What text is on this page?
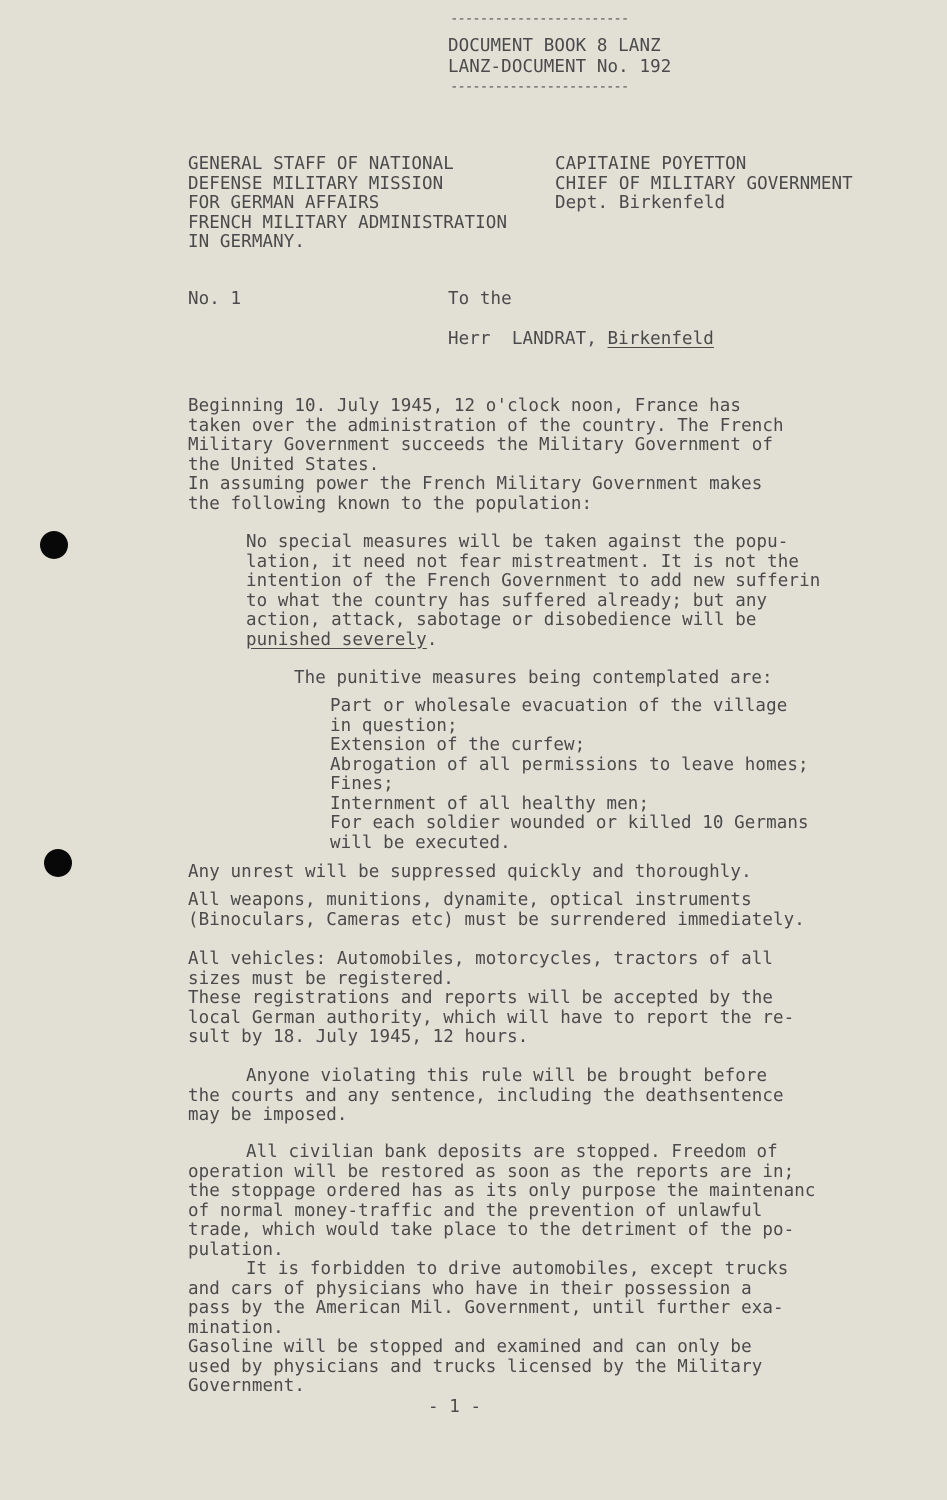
------------------------
DOCUMENT BOOK 8 LANZ
LANZ-DOCUMENT No. 192
------------------------
GENERAL STAFF OF NATIONAL
DEFENSE MILITARY MISSION
FOR GERMAN AFFAIRS
FRENCH MILITARY ADMINISTRATION
IN GERMANY.
CAPITAINE POYETTON
CHIEF OF MILITARY GOVERNMENT
Dept. Birkenfeld
No. 1	To the
Herr  LANDRAT, Birkenfeld
Beginning 10. July 1945, 12 o'clock noon, France has
taken over the administration of the country. The French
Military Government succeeds the Military Government of
the United States.
In assuming power the French Military Government makes
the following known to the population:
No special measures will be taken against the popu-
lation, it need not fear mistreatment. It is not the
intention of the French Government to add new sufferin
to what the country has suffered already; but any
action, attack, sabotage or disobedience will be
punished severely.
The punitive measures being contemplated are:
Part or wholesale evacuation of the village
in question;
Extension of the curfew;
Abrogation of all permissions to leave homes;
Fines;
Internment of all healthy men;
For each soldier wounded or killed 10 Germans
will be executed.
Any unrest will be suppressed quickly and thoroughly.
All weapons, munitions, dynamite, optical instruments
(Binoculars, Cameras etc) must be surrendered immediately.
All vehicles: Automobiles, motorcycles, tractors of all
sizes must be registered.
These registrations and reports will be accepted by the
local German authority, which will have to report the re-
sult by 18. July 1945, 12 hours.
Anyone violating this rule will be brought before
the courts and any sentence, including the deathsentence
may be imposed.
All civilian bank deposits are stopped. Freedom of
operation will be restored as soon as the reports are in;
the stoppage ordered has as its only purpose the maintenanc
of normal money-traffic and the prevention of unlawful
trade, which would take place to the detriment of the po-
pulation.
It is forbidden to drive automobiles, except trucks
and cars of physicians who have in their possession a
pass by the American Mil. Government, until further exa-
mination.
Gasoline will be stopped and examined and can only be
used by physicians and trucks licensed by the Military
Government.
- 1 -
